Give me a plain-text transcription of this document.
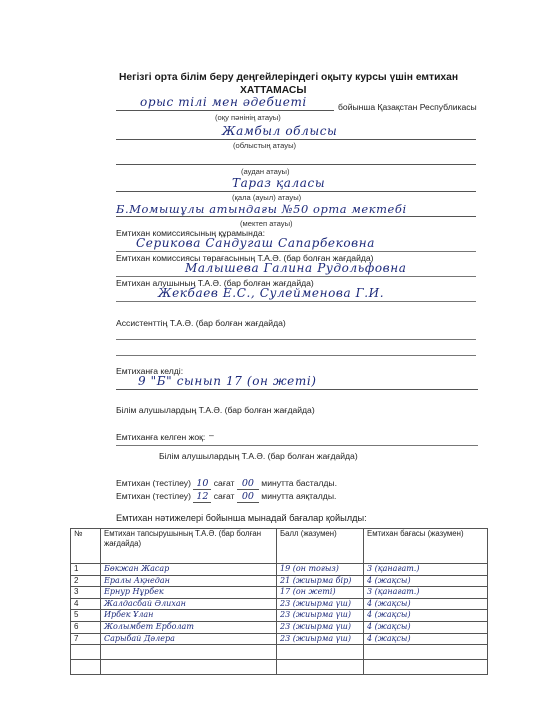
Негізгі орта білім беру деңгейлеріндегі оқыту курсы үшін емтихан
ХАТТАМАСЫ
орыс тілі мен әдебиеті	бойынша Қазақстан Республикасы
(оқу пәнінің атауы)
Жамбыл облысы
(облыстың атауы)
(аудан атауы)
Тараз қаласы
(қала (ауыл) атауы)
Б.Момышұлы атындағы №50 орта мектебі
(мектеп атауы)
Емтихан комиссиясының құрамында:
Серикова Сандугаш Сапарбековна
Емтихан комиссиясы төрағасының Т.А.Ә. (бар болған жағдайда)
Малышева Галина Рудольфовна
Емтихан алушының Т.А.Ә. (бар болған жағдайда)
Жекбаев Е.С., Сулейменова Г.И.
Ассистенттің Т.А.Ә. (бар болған жағдайда)
Емтиханға келді:
9 "Б" сынып 17 (он жеті)
Білім алушылардың Т.А.Ә. (бар болған жағдайда)
Емтиханға келген жоқ: –
Білім алушылардың Т.А.Ә. (бар болған жағдайда)
Емтихан (тестілеу) 10 сағат 00 минутта басталды.
Емтихан (тестілеу) 12 сағат 00 минутта аяқталды.
Емтихан нәтижелері бойынша мынадай бағалар қойылды:
№	Емтихан тапсырушының Т.А.Ә. (бар болған жағдайда)	Балл (жазумен)	Емтихан бағасы (жазумен)
1	Бөкжан Жасар	19 (он тоғыз)	3 (қанағат.)
2	Ералы Ақнедан	21 (жиырма бір)	4 (жақсы)
3	Ернур Нұрбек	17 (он жеті)	3 (қанағат.)
4	Жалдасбай Әлихан	23 (жиырма үш)	4 (жақсы)
5	Ирбек Ұлан	23 (жиырма үш)	4 (жақсы)
6	Жолымбет Ерболат	23 (жиырма үш)	4 (жақсы)
7	Сарыбай Дәлера	23 (жиырма үш)	4 (жақсы)
